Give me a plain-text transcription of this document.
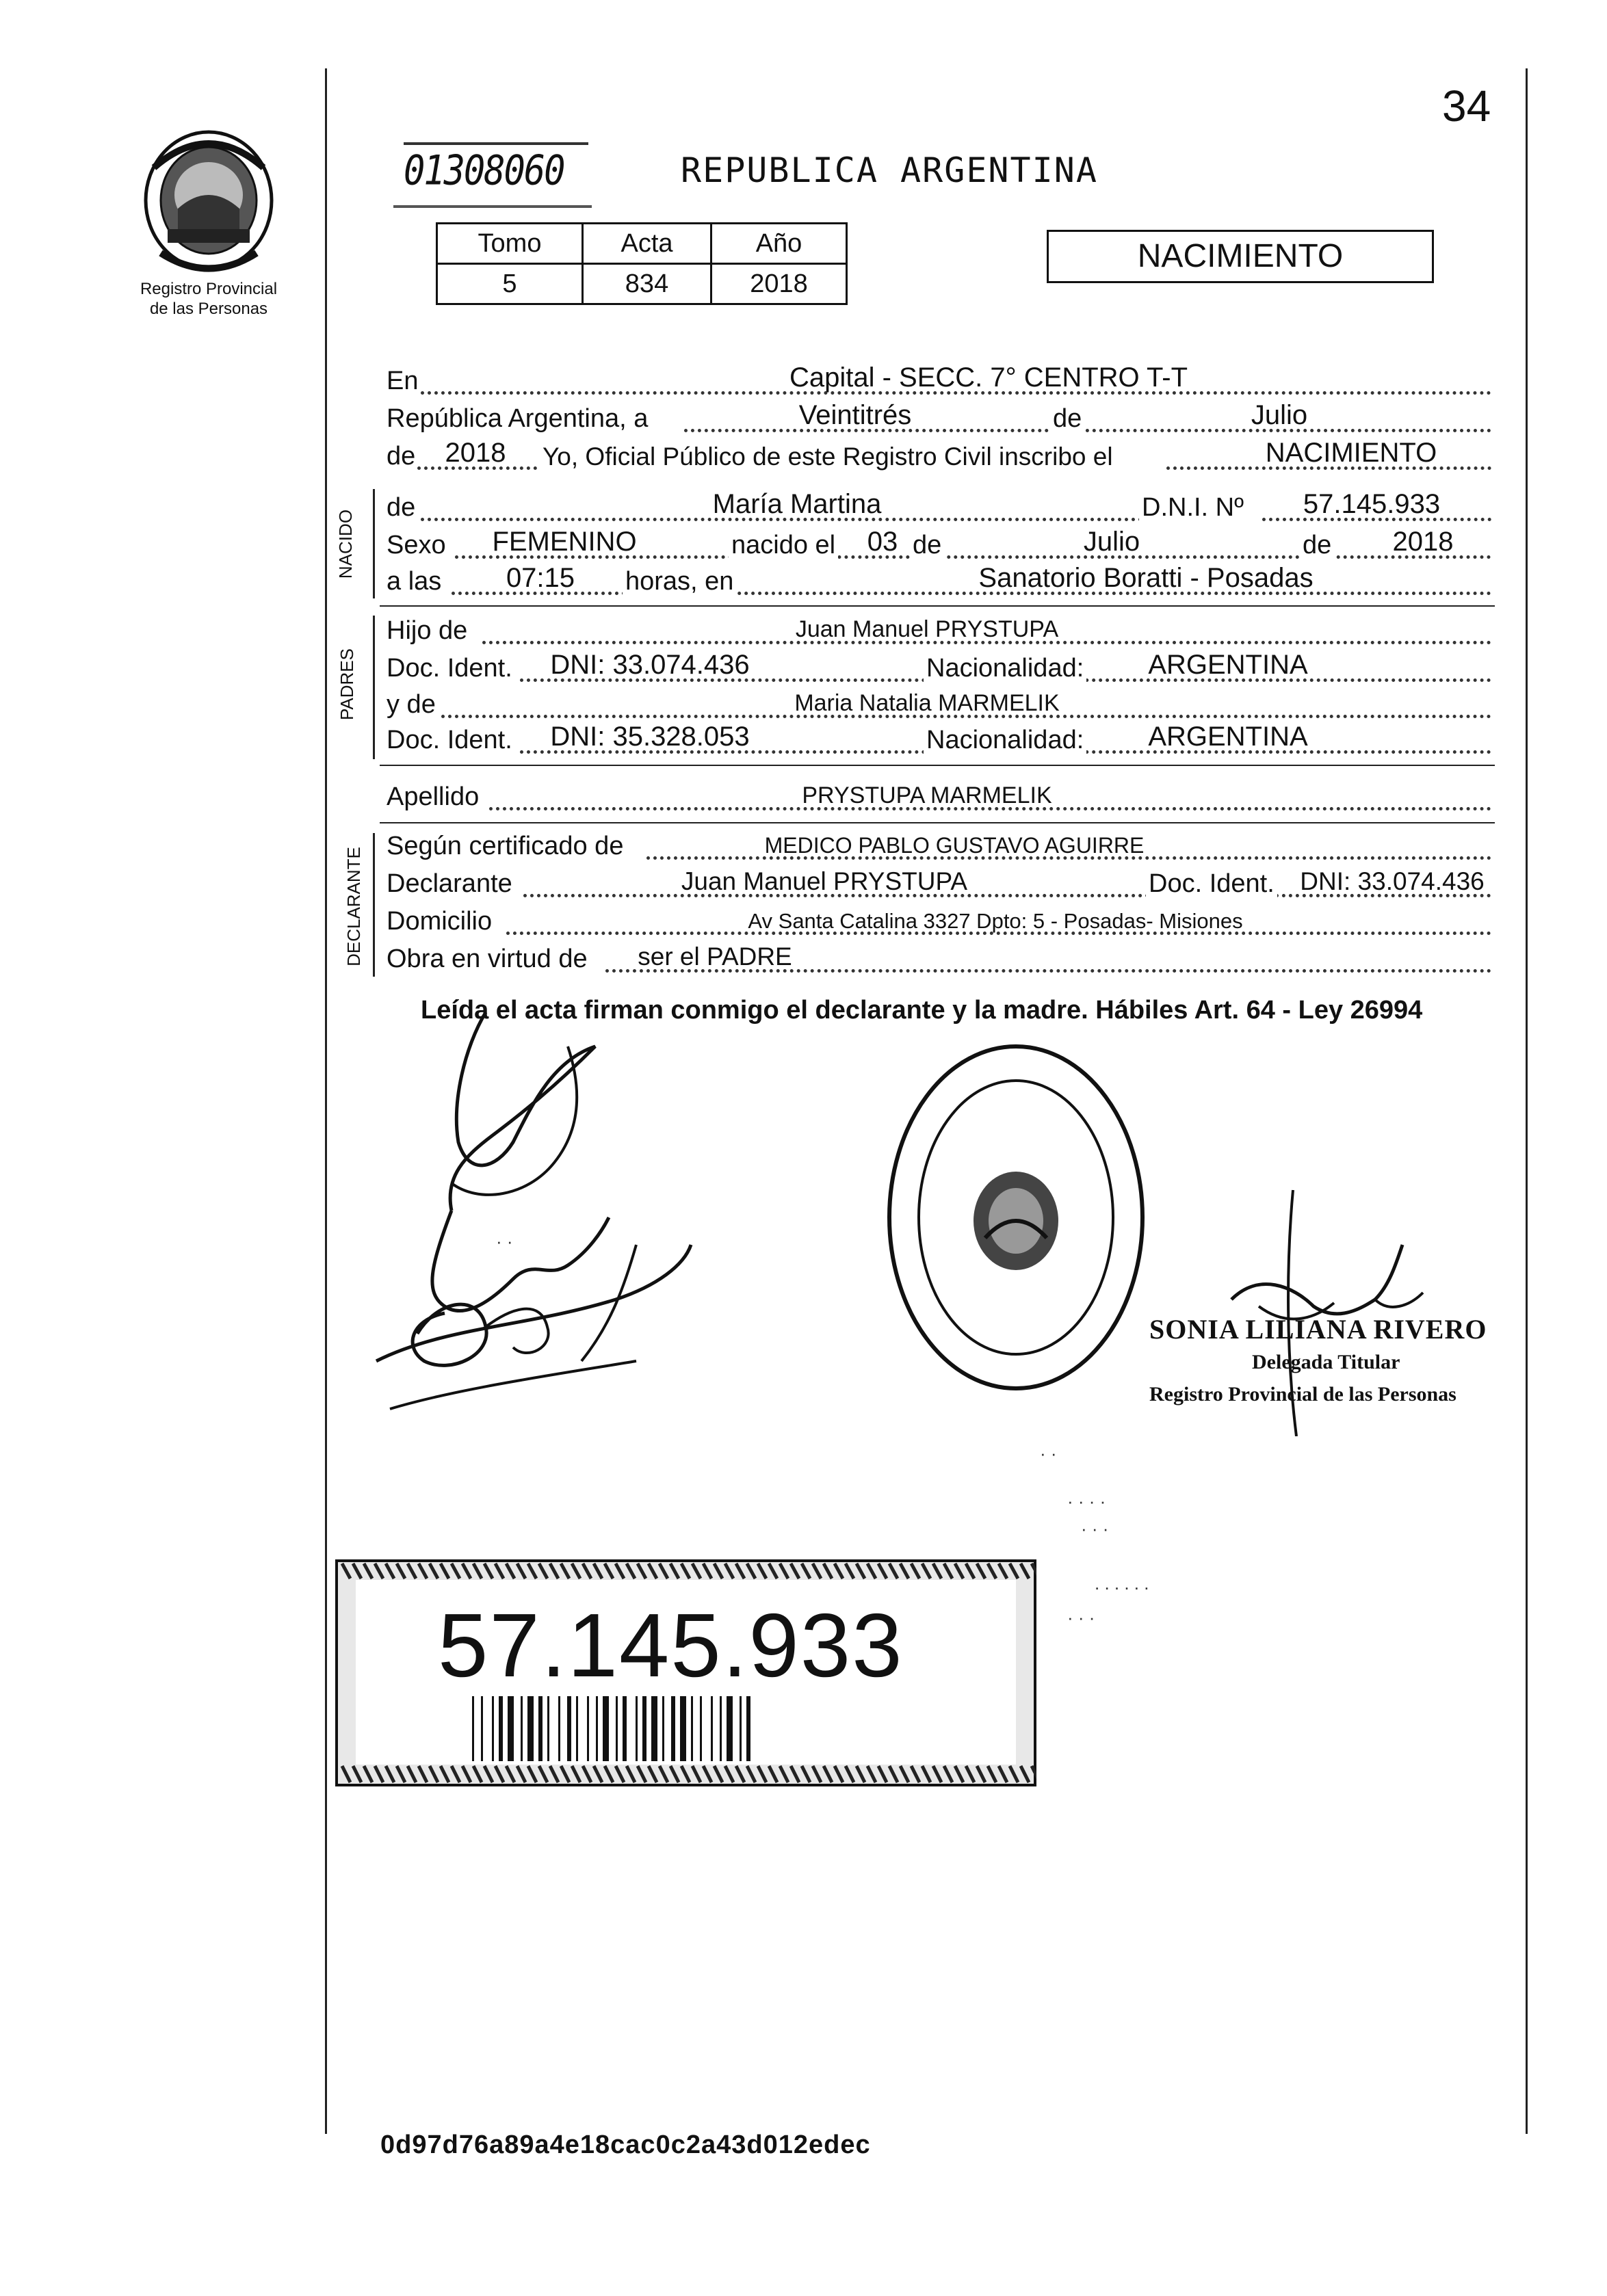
34
Registro Provincial
de las Personas
01308060	REPUBLICA ARGENTINA
Tomo	Acta	Año
5	834	2018
NACIMIENTO
En	Capital - SECC. 7° CENTRO T-T
República Argentina, a	Veintitrés	de	Julio
de	2018	Yo, Oficial Público de este Registro Civil inscribo el	NACIMIENTO
NACIDO
de	María Martina	D.N.I. Nº	57.145.933
Sexo	FEMENINO	nacido el	03 de	Julio	de	2018
a las	07:15	horas, en	Sanatorio Boratti - Posadas
PADRES
Hijo de	Juan Manuel PRYSTUPA
Doc. Ident.	DNI: 33.074.436	Nacionalidad:	ARGENTINA
y de	Maria Natalia MARMELIK
Doc. Ident.	DNI: 35.328.053	Nacionalidad:	ARGENTINA
Apellido	PRYSTUPA MARMELIK
DECLARANTE
Según certificado de	MEDICO PABLO GUSTAVO AGUIRRE
Declarante	Juan Manuel PRYSTUPA	Doc. Ident.	DNI: 33.074.436
Domicilio	Av Santa Catalina 3327 Dpto: 5 - Posadas- Misiones
Obra en virtud de	ser el PADRE
Leída el acta firman conmigo el declarante y la madre. Hábiles Art. 64 - Ley 26994
SONIA LILIANA RIVERO
Delegada Titular
Registro Provincial de las Personas
· ·
· · · ·
· · ·
. . . . . .
· · ·
· ·
57.145.933
0d97d76a89a4e18cac0c2a43d012edec
